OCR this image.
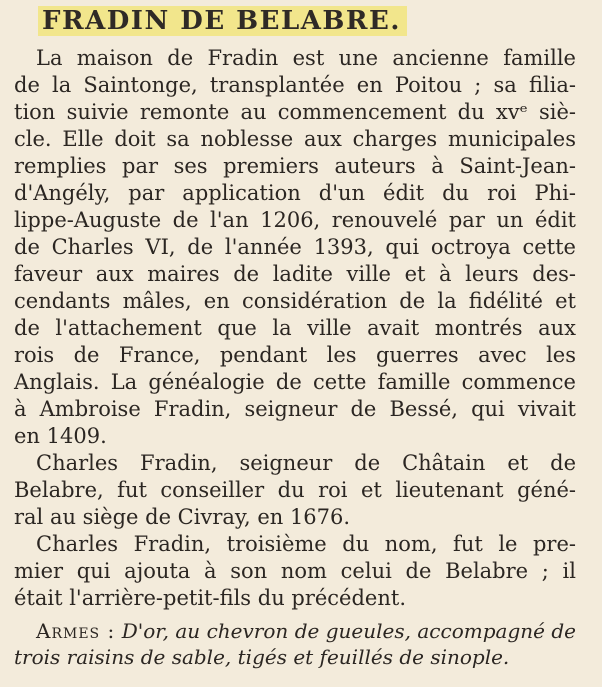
FRADIN DE BELABRE.
La maison de Fradin est une ancienne famille
de la Saintonge, transplantée en Poitou ; sa filia-
tion suivie remonte au commencement du xvᵉ siè-
cle. Elle doit sa noblesse aux charges municipales
remplies par ses premiers auteurs à Saint-Jean-
d'Angély, par application d'un édit du roi Phi-
lippe-Auguste de l'an 1206, renouvelé par un édit
de Charles VI, de l'année 1393, qui octroya cette
faveur aux maires de ladite ville et à leurs des-
cendants mâles, en considération de la fidélité et
de l'attachement que la ville avait montrés aux
rois de France, pendant les guerres avec les
Anglais. La généalogie de cette famille commence
à Ambroise Fradin, seigneur de Bessé, qui vivait
en 1409.
Charles Fradin, seigneur de Châtain et de
Belabre, fut conseiller du roi et lieutenant géné-
ral au siège de Civray, en 1676.
Charles Fradin, troisième du nom, fut le pre-
mier qui ajouta à son nom celui de Belabre ; il
était l'arrière-petit-fils du précédent.
Armes : D'or, au chevron de gueules, accompagné de
trois raisins de sable, tigés et feuillés de sinople.
